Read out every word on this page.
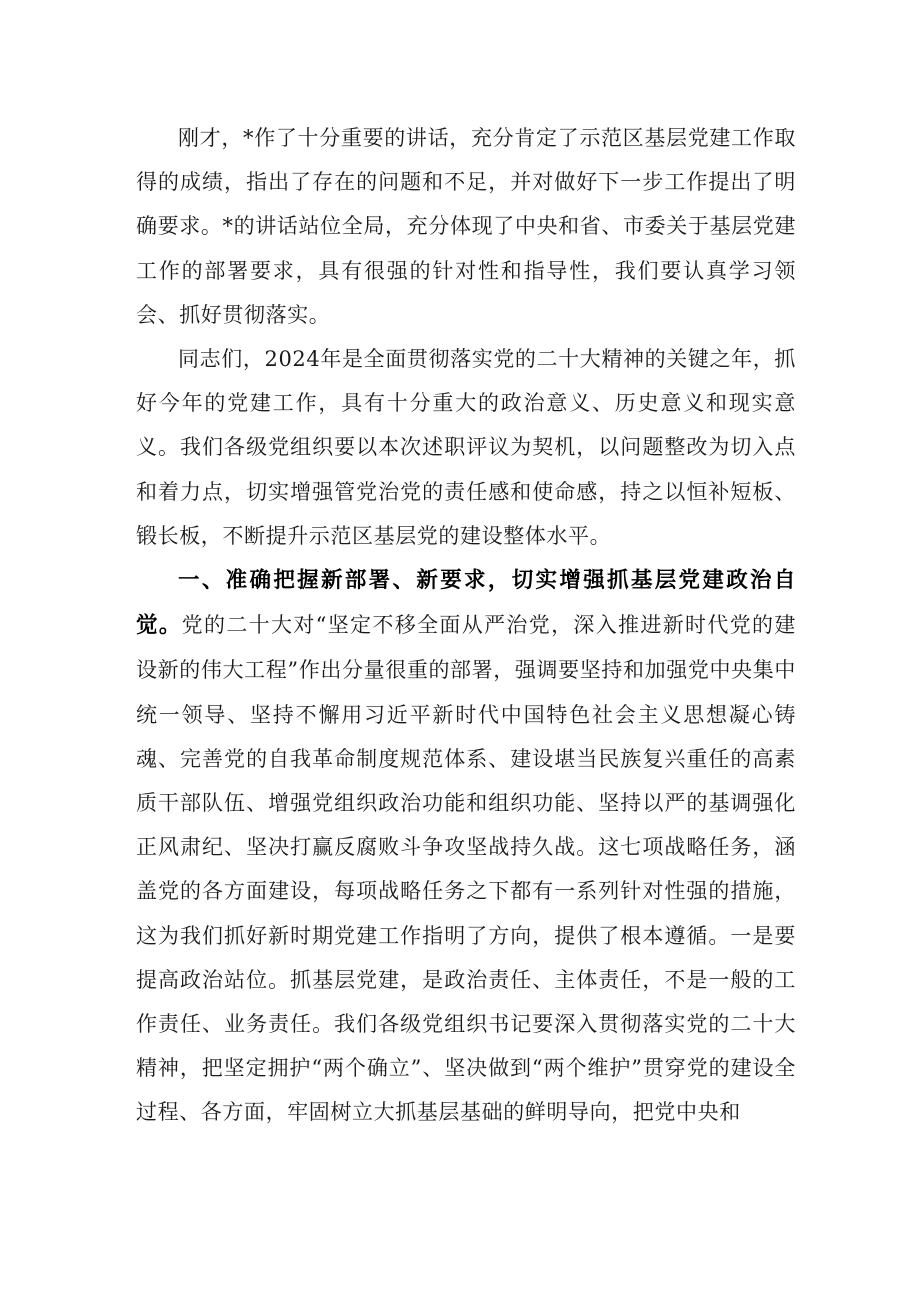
刚才，*作了十分重要的讲话，充分肯定了示范区基层党建工作取得的成绩，指出了存在的问题和不足，并对做好下一步工作提出了明确要求。*的讲话站位全局，充分体现了中央和省、市委关于基层党建工作的部署要求，具有很强的针对性和指导性，我们要认真学习领会、抓好贯彻落实。

同志们，2024年是全面贯彻落实党的二十大精神的关键之年，抓好今年的党建工作，具有十分重大的政治意义、历史意义和现实意义。我们各级党组织要以本次述职评议为契机，以问题整改为切入点和着力点，切实增强管党治党的责任感和使命感，持之以恒补短板、锻长板，不断提升示范区基层党的建设整体水平。

一、准确把握新部署、新要求，切实增强抓基层党建政治自觉。党的二十大对“坚定不移全面从严治党，深入推进新时代党的建设新的伟大工程”作出分量很重的部署，强调要坚持和加强党中央集中统一领导、坚持不懈用习近平新时代中国特色社会主义思想凝心铸魂、完善党的自我革命制度规范体系、建设堪当民族复兴重任的高素质干部队伍、增强党组织政治功能和组织功能、坚持以严的基调强化正风肃纪、坚决打赢反腐败斗争攻坚战持久战。这七项战略任务，涵盖党的各方面建设，每项战略任务之下都有一系列针对性强的措施，这为我们抓好新时期党建工作指明了方向，提供了根本遵循。一是要提高政治站位。抓基层党建，是政治责任、主体责任，不是一般的工作责任、业务责任。我们各级党组织书记要深入贯彻落实党的二十大精神，把坚定拥护“两个确立”、坚决做到“两个维护”贯穿党的建设全过程、各方面，牢固树立大抓基层基础的鲜明导向，把党中央和
